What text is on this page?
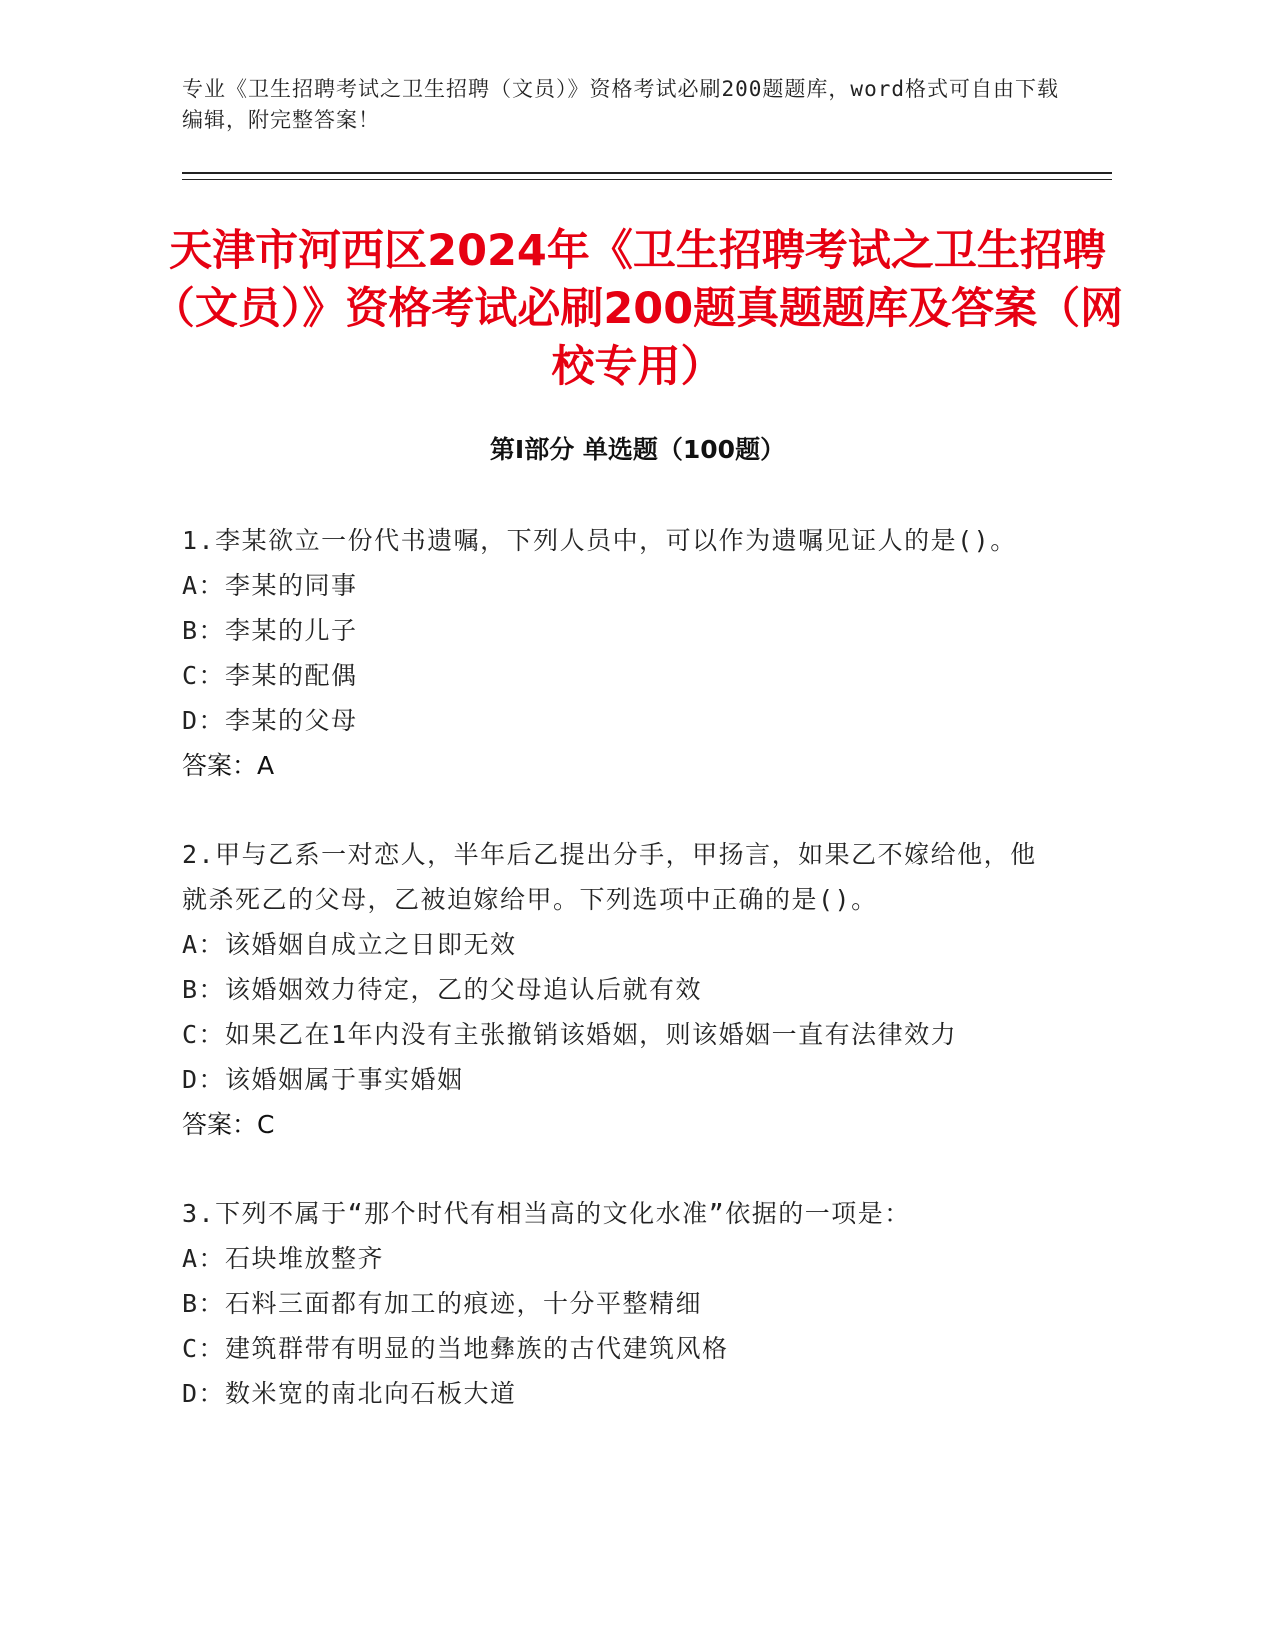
专业《卫生招聘考试之卫生招聘（文员）》资格考试必刷200题题库，word格式可自由下载编辑，附完整答案！
天津市河西区2024年《卫生招聘考试之卫生招聘（文员）》资格考试必刷200题真题题库及答案（网校专用）
第Ⅰ部分 单选题（100题）
1.李某欲立一份代书遗嘱，下列人员中，可以作为遗嘱见证人的是()。
A：李某的同事
B：李某的儿子
C：李某的配偶
D：李某的父母
答案：A
2.甲与乙系一对恋人，半年后乙提出分手，甲扬言，如果乙不嫁给他，他就杀死乙的父母，乙被迫嫁给甲。下列选项中正确的是()。
A：该婚姻自成立之日即无效
B：该婚姻效力待定，乙的父母追认后就有效
C：如果乙在1年内没有主张撤销该婚姻，则该婚姻一直有法律效力
D：该婚姻属于事实婚姻
答案：C
3.下列不属于“那个时代有相当高的文化水准”依据的一项是：
A：石块堆放整齐
B：石料三面都有加工的痕迹，十分平整精细
C：建筑群带有明显的当地彝族的古代建筑风格
D：数米宽的南北向石板大道
